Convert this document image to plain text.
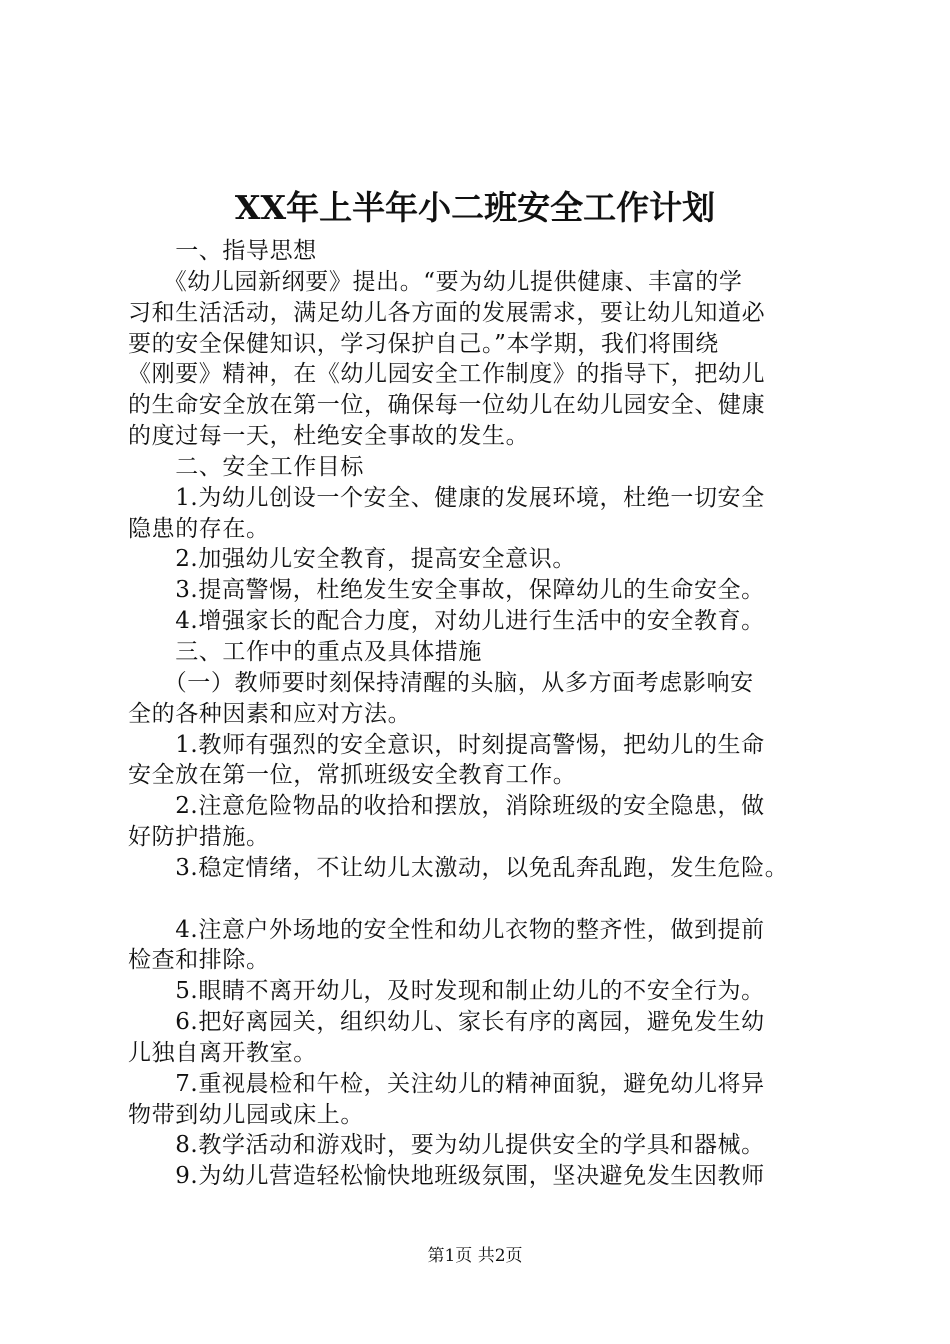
XX年上半年小二班安全工作计划
　　一、指导思想
　　《幼儿园新纲要》提出。“要为幼儿提供健康、丰富的学
习和生活活动，满足幼儿各方面的发展需求，要让幼儿知道必
要的安全保健知识，学习保护自己。”本学期，我们将围绕
《刚要》精神，在《幼儿园安全工作制度》的指导下，把幼儿
的生命安全放在第一位，确保每一位幼儿在幼儿园安全、健康
的度过每一天，杜绝安全事故的发生。
　　二、安全工作目标
　　1.为幼儿创设一个安全、健康的发展环境，杜绝一切安全
隐患的存在。
　　2.加强幼儿安全教育，提高安全意识。
　　3.提高警惕，杜绝发生安全事故，保障幼儿的生命安全。
　　4.增强家长的配合力度，对幼儿进行生活中的安全教育。
　　三、工作中的重点及具体措施
　　（一）教师要时刻保持清醒的头脑，从多方面考虑影响安
全的各种因素和应对方法。
　　1.教师有强烈的安全意识，时刻提高警惕，把幼儿的生命
安全放在第一位，常抓班级安全教育工作。
　　2.注意危险物品的收拾和摆放，消除班级的安全隐患，做
好防护措施。
　　3.稳定情绪，不让幼儿太激动，以免乱奔乱跑，发生危险。
　　4.注意户外场地的安全性和幼儿衣物的整齐性，做到提前
检查和排除。
　　5.眼睛不离开幼儿，及时发现和制止幼儿的不安全行为。
　　6.把好离园关，组织幼儿、家长有序的离园，避免发生幼
儿独自离开教室。
　　7.重视晨检和午检，关注幼儿的精神面貌，避免幼儿将异
物带到幼儿园或床上。
　　8.教学活动和游戏时，要为幼儿提供安全的学具和器械。
　　9.为幼儿营造轻松愉快地班级氛围，坚决避免发生因教师
第1页 共2页
